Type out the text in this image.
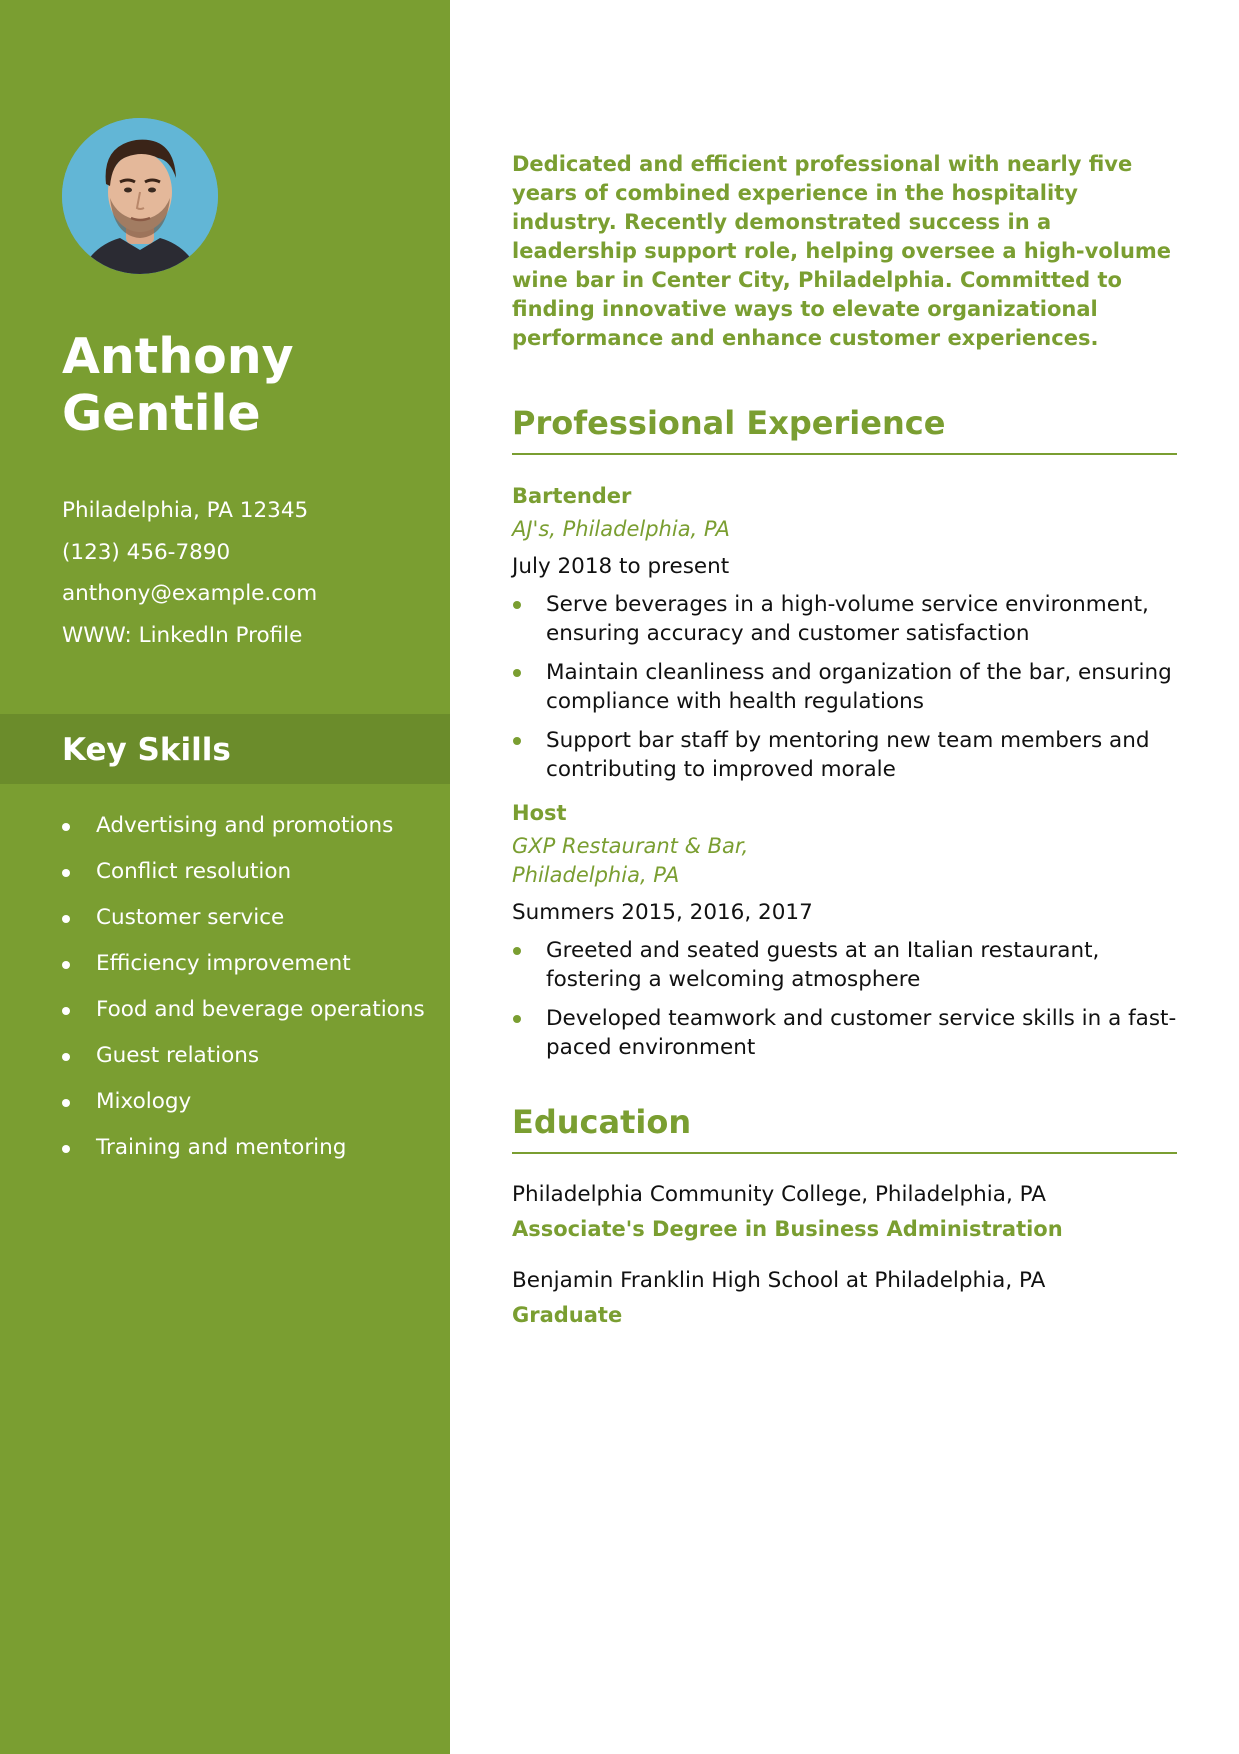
Anthony
Gentile
Philadelphia, PA 12345
(123) 456-7890
anthony@example.com
WWW: LinkedIn Profile
Key Skills
Advertising and promotions
Conflict resolution
Customer service
Efficiency improvement
Food and beverage operations
Guest relations
Mixology
Training and mentoring

Dedicated and efficient professional with nearly five years of combined experience in the hospitality industry. Recently demonstrated success in a leadership support role, helping oversee a high-volume wine bar in Center City, Philadelphia. Committed to finding innovative ways to elevate organizational performance and enhance customer experiences.

Professional Experience

Bartender

AJ's, Philadelphia, PA

July 2018 to present

Serve beverages in a high-volume service environment, ensuring accuracy and customer satisfaction
Maintain cleanliness and organization of the bar, ensuring compliance with health regulations
Support bar staff by mentoring new team members and contributing to improved morale

Host

GXP Restaurant & Bar,
Philadelphia, PA

Summers 2015, 2016, 2017

Greeted and seated guests at an Italian restaurant, fostering a welcoming atmosphere
Developed teamwork and customer service skills in a fast-paced environment
Education

Philadelphia Community College, Philadelphia, PA

Associate's Degree in Business Administration

Benjamin Franklin High School at Philadelphia, PA

Graduate
